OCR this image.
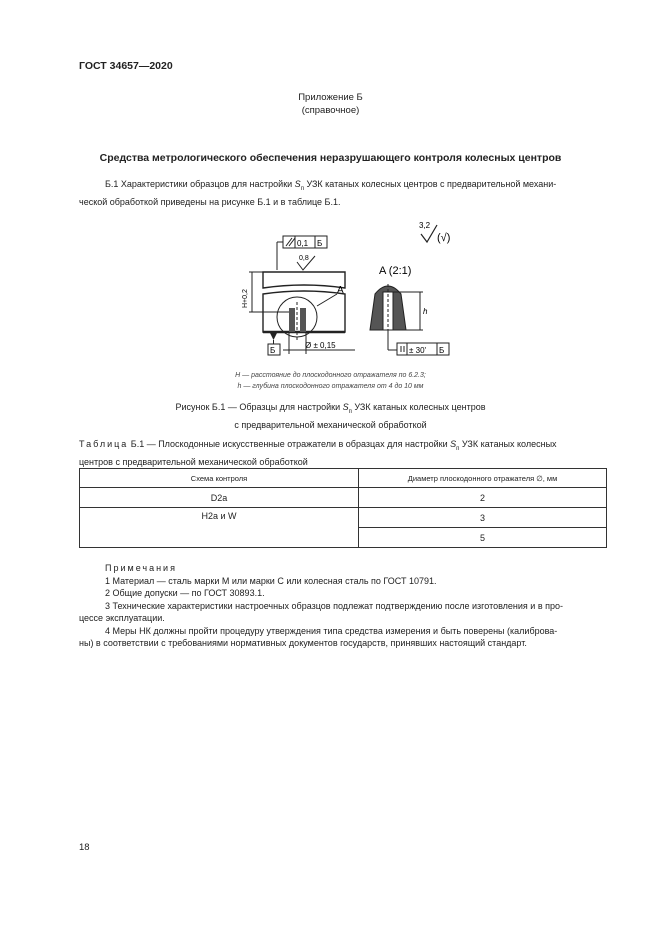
ГОСТ 34657—2020
Приложение Б
(справочное)
Средства метрологического обеспечения неразрушающего контроля колесных центров
Б.1 Характеристики образцов для настройки $S_п$ УЗК катаных колесных центров с предварительной механи-
ческой обработкой приведены на рисунке Б.1 и в таблице Б.1.
3,2
(√)
0,1 Б
0,8
A
H+0,2
Б
Ø ± 0,15
A (2:1)
h
± 30' Б
H — расстояние до плоскодонного отражателя по 6.2.3;
h — глубина плоскодонного отражателя от 4 до 10 мм
Рисунок Б.1 — Образцы для настройки $S_п$ УЗК катаных колесных центров
с предварительной механической обработкой
Таблица Б.1 — Плоскодонные искусственные отражатели в образцах для настройки $S_п$ УЗК катаных колесных
центров с предварительной механической обработкой
Схема контроля	Диаметр плоскодонного отражателя ∅, мм
D2a	2
H2a и W	3
	5
Примечания
1 Материал — сталь марки М или марки С или колесная сталь по ГОСТ 10791.
2 Общие допуски — по ГОСТ 30893.1.
3 Технические характеристики настроечных образцов подлежат подтверждению после изготовления и в про-
цессе эксплуатации.
4 Меры НК должны пройти процедуру утверждения типа средства измерения и быть поверены (калиброва-
ны) в соответствии с требованиями нормативных документов государств, принявших настоящий стандарт.
18
